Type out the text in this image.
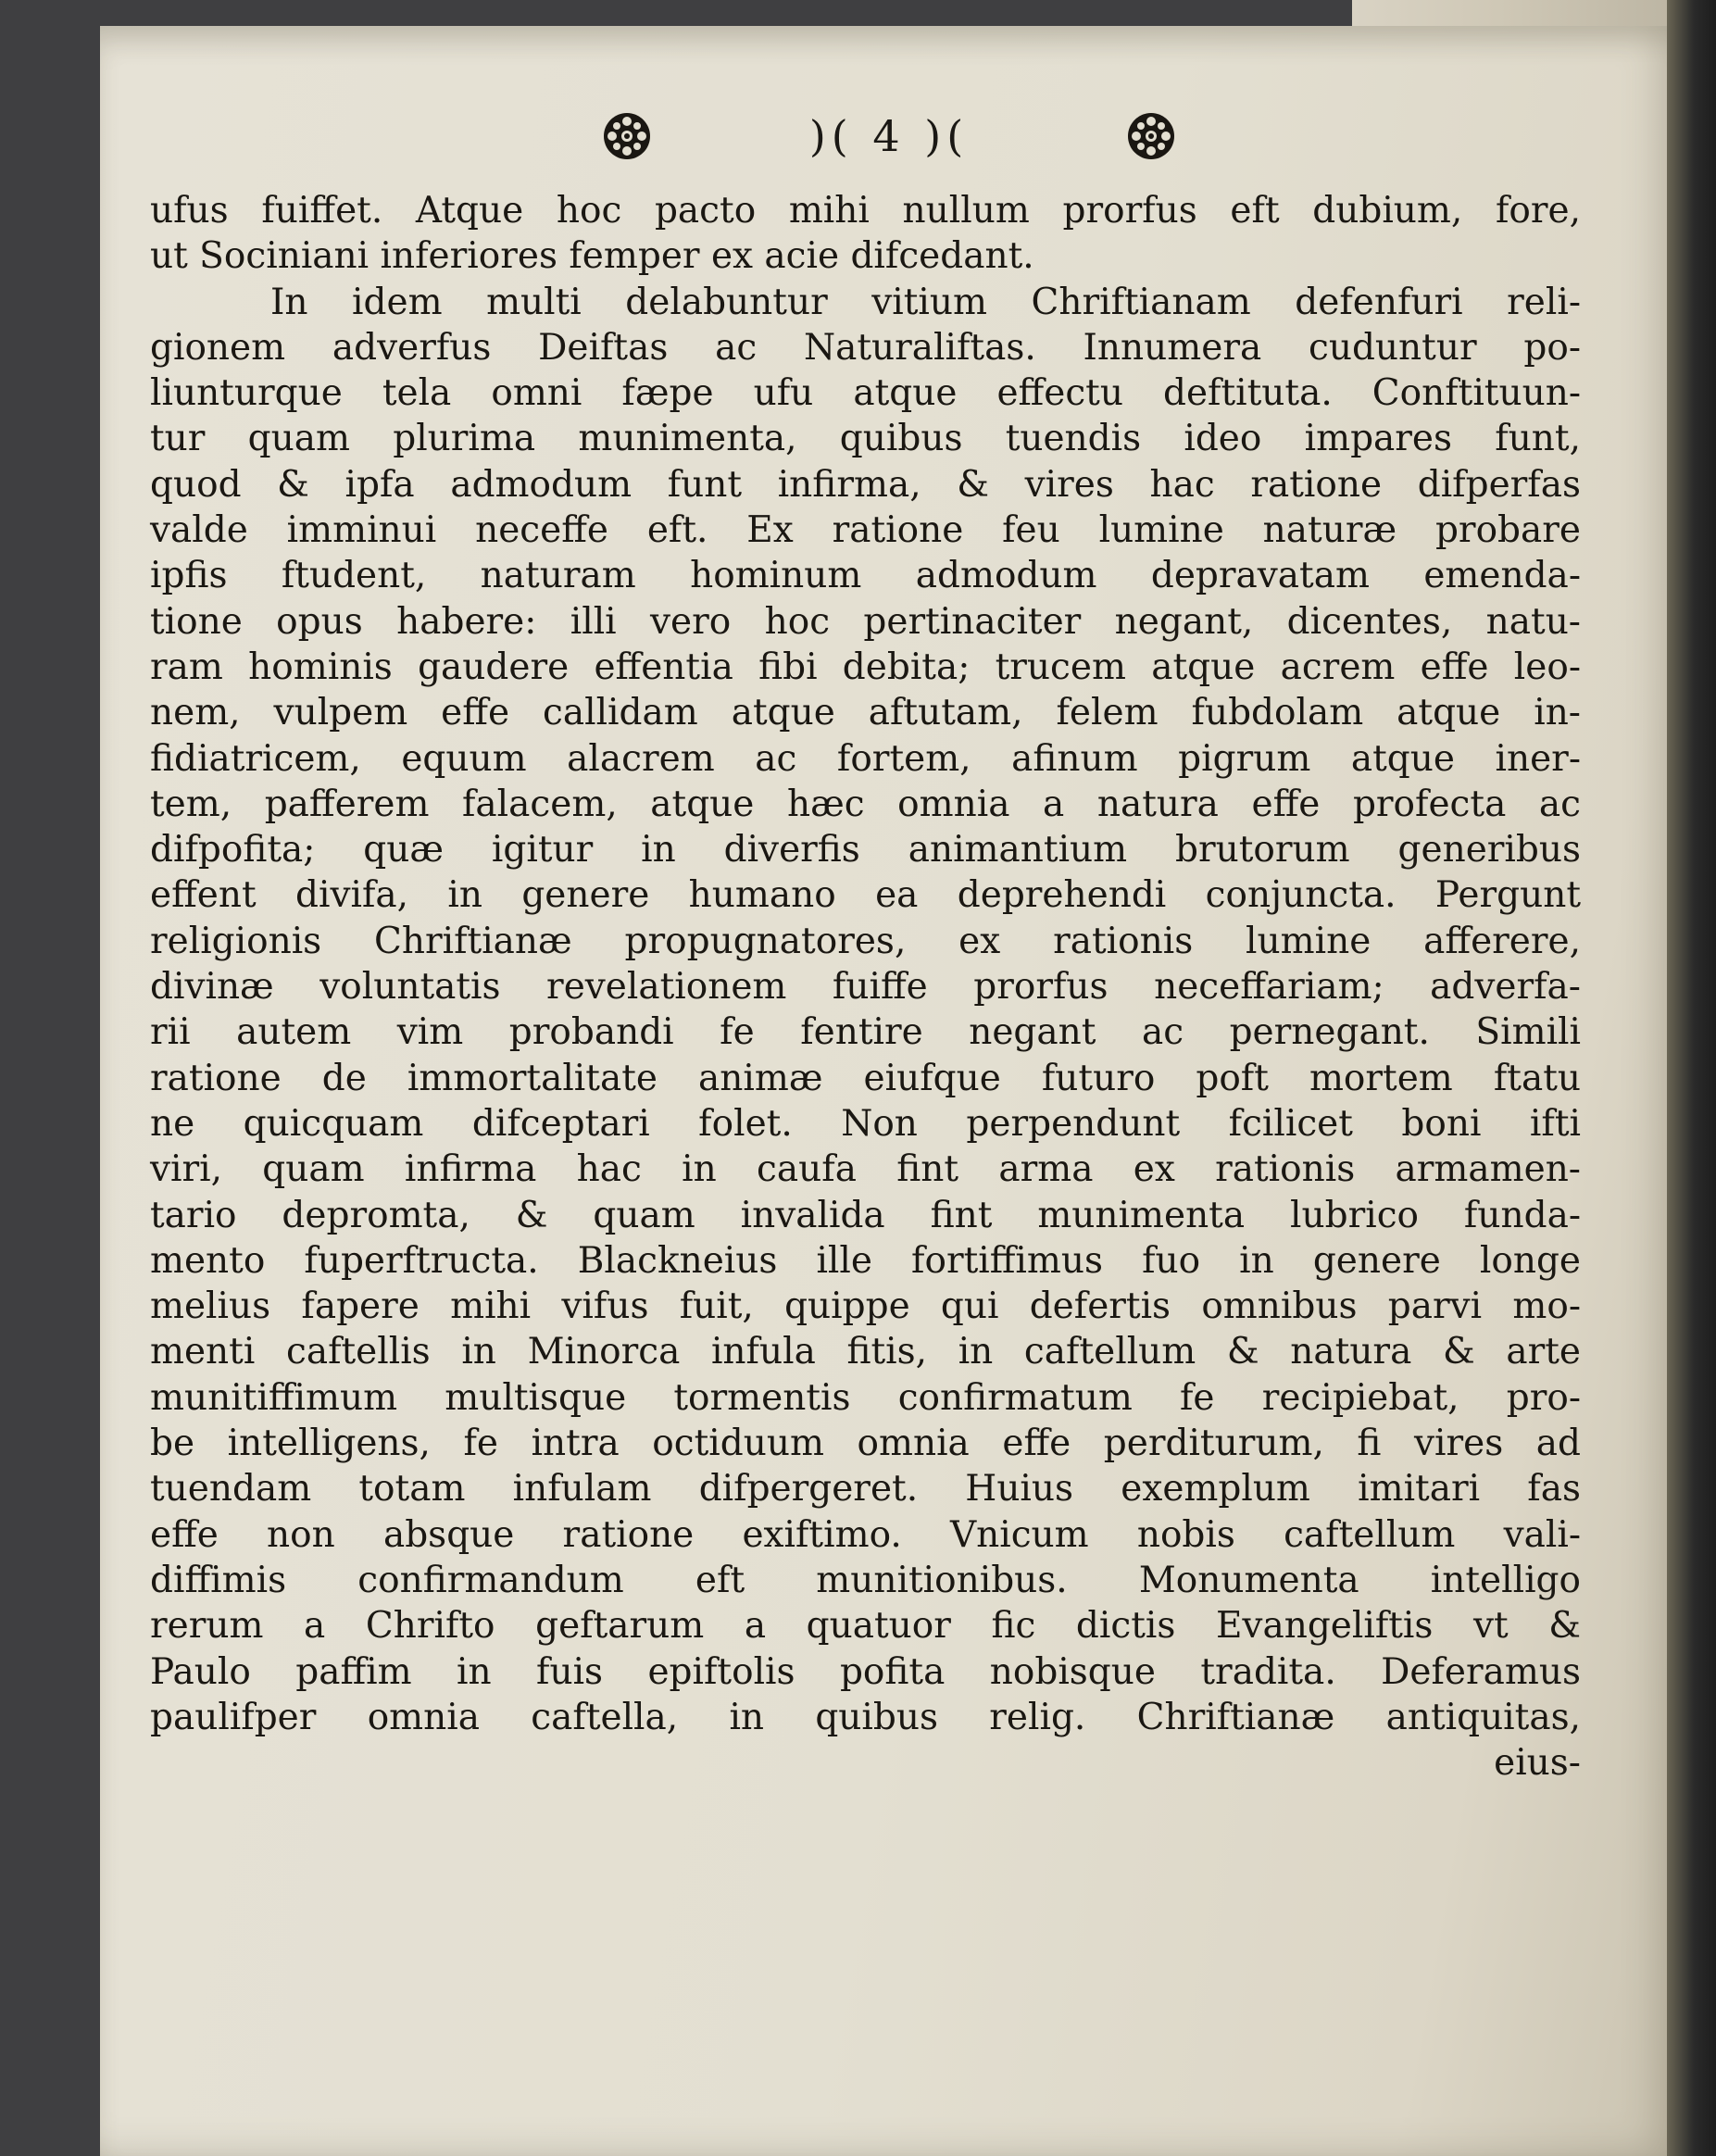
)( 4 )(
ufus fuiffet. Atque hoc pacto mihi nullum prorfus eft dubium, fore,
ut Sociniani inferiores femper ex acie difcedant.
In idem multi delabuntur vitium Chriftianam defenfuri reli-
gionem adverfus Deiftas ac Naturaliftas. Innumera cuduntur po-
liunturque tela omni fæpe ufu atque effectu deftituta. Conftituun-
tur quam plurima munimenta, quibus tuendis ideo impares funt,
quod & ipfa admodum funt infirma, & vires hac ratione difperfas
valde imminui neceffe eft. Ex ratione feu lumine naturæ probare
ipfis ftudent, naturam hominum admodum depravatam emenda-
tione opus habere: illi vero hoc pertinaciter negant, dicentes, natu-
ram hominis gaudere effentia fibi debita; trucem atque acrem effe leo-
nem, vulpem effe callidam atque aftutam, felem fubdolam atque in-
fidiatricem, equum alacrem ac fortem, afinum pigrum atque iner-
tem, pafferem falacem, atque hæc omnia a natura effe profecta ac
difpofita; quæ igitur in diverfis animantium brutorum generibus
effent divifa, in genere humano ea deprehendi conjuncta. Pergunt
religionis Chriftianæ propugnatores, ex rationis lumine afferere,
divinæ voluntatis revelationem fuiffe prorfus neceffariam; adverfa-
rii autem vim probandi fe fentire negant ac pernegant. Simili
ratione de immortalitate animæ eiufque futuro poft mortem ftatu
ne quicquam difceptari folet. Non perpendunt fcilicet boni ifti
viri, quam infirma hac in caufa fint arma ex rationis armamen-
tario depromta, & quam invalida fint munimenta lubrico funda-
mento fuperftructa. Blackneius ille fortiffimus fuo in genere longe
melius fapere mihi vifus fuit, quippe qui defertis omnibus parvi mo-
menti caftellis in Minorca infula fitis, in caftellum & natura & arte
munitiffimum multisque tormentis confirmatum fe recipiebat, pro-
be intelligens, fe intra octiduum omnia effe perditurum, fi vires ad
tuendam totam infulam difpergeret. Huius exemplum imitari fas
effe non absque ratione exiftimo. Vnicum nobis caftellum vali-
diffimis confirmandum eft munitionibus. Monumenta intelligo
rerum a Chrifto geftarum a quatuor fic dictis Evangeliftis vt &
Paulo paffim in fuis epiftolis pofita nobisque tradita. Deferamus
paulifper omnia caftella, in quibus relig. Chriftianæ antiquitas,
eius-
